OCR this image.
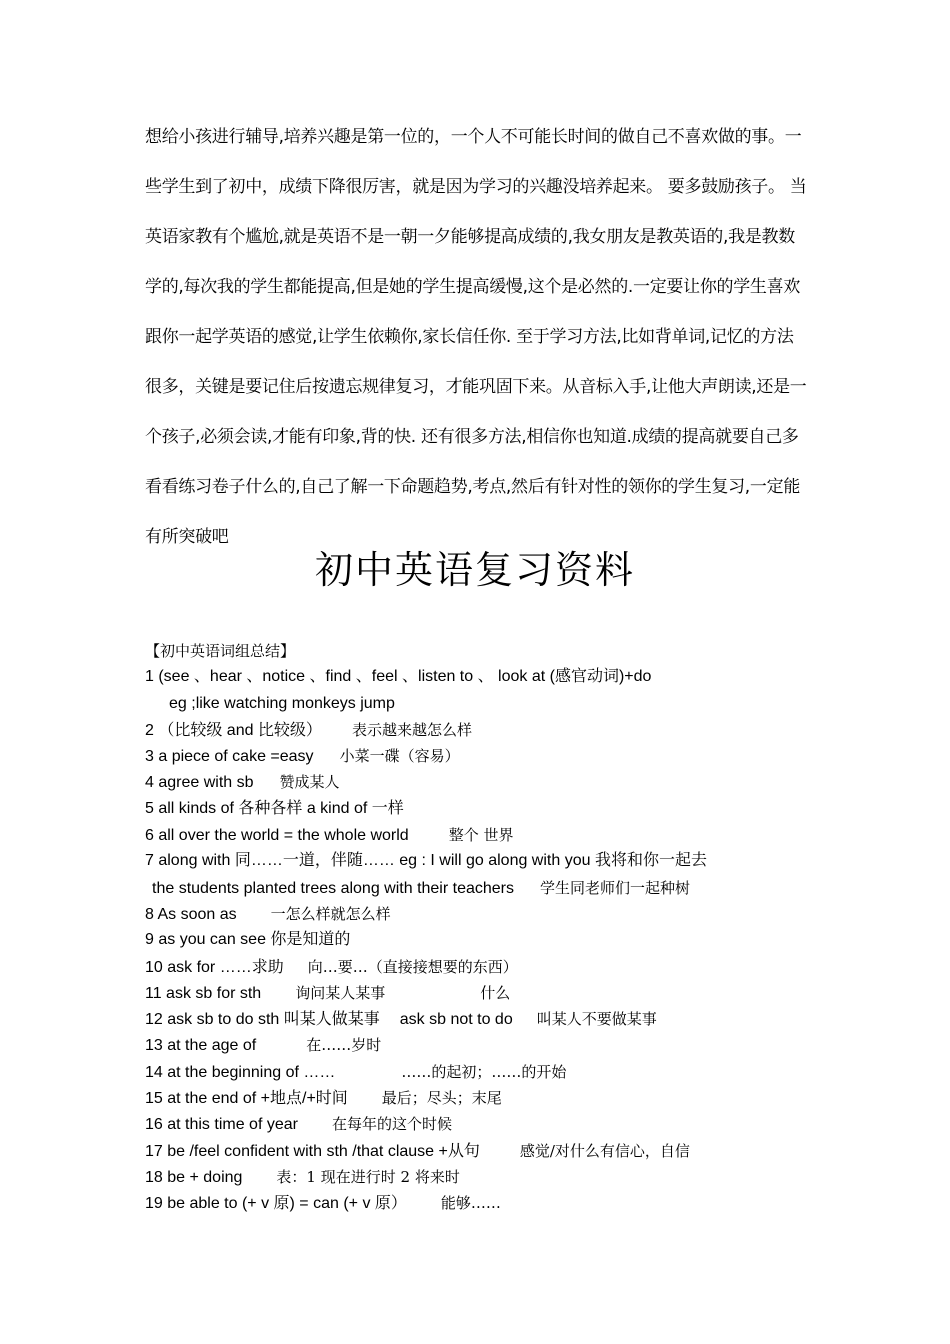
想给小孩进行辅导,培养兴趣是第一位的，一个人不可能长时间的做自己不喜欢做的事。一
些学生到了初中，成绩下降很厉害，就是因为学习的兴趣没培养起来。 要多鼓励孩子。 当
英语家教有个尴尬,就是英语不是一朝一夕能够提高成绩的,我女朋友是教英语的,我是教数
学的,每次我的学生都能提高,但是她的学生提高缓慢,这个是必然的.一定要让你的学生喜欢
跟你一起学英语的感觉,让学生依赖你,家长信任你. 至于学习方法,比如背单词,记忆的方法
很多，关键是要记住后按遗忘规律复习，才能巩固下来。从音标入手,让他大声朗读,还是一
个孩子,必须会读,才能有印象,背的快. 还有很多方法,相信你也知道.成绩的提高就要自己多
看看练习卷子什么的,自己了解一下命题趋势,考点,然后有针对性的领你的学生复习,一定能
有所突破吧
初中英语复习资料
【初中英语词组总结】
1 (see 、hear 、notice 、find 、feel 、listen to 、 look at (感官动词)+do
eg ;like watching monkeys jump
2 （比较级 and 比较级） 表示越来越怎么样
3 a piece of cake =easy 小菜一碟（容易）
4 agree with sb 赞成某人
5 all kinds of 各种各样 a kind of 一样
6 all over the world = the whole world	整个 世界
7 along with 同……一道，伴随…… eg : I will go along with you 我将和你一起去
the students planted trees along with their teachers 学生同老师们一起种树
8 As soon as 一怎么样就怎么样
9 as you can see 你是知道的
10 ask for ……求助 向…要…（直接接想要的东西）
11 ask sb for sth 询问某人某事	什么
12 ask sb to do sth 叫某人做某事 ask sb not to do 叫某人不要做某事
13 at the age of	在……岁时
14 at the beginning of ……	……的起初；……的开始
15 at the end of +地点/+时间 最后；尽头；末尾
16 at this time of year 在每年的这个时候
17 be /feel confident with sth /that clause +从句	感觉/对什么有信心，自信
18 be + doing 表：1 现在进行时 2 将来时
19 be able to (+ v 原) = can (+ v 原） 能够……
